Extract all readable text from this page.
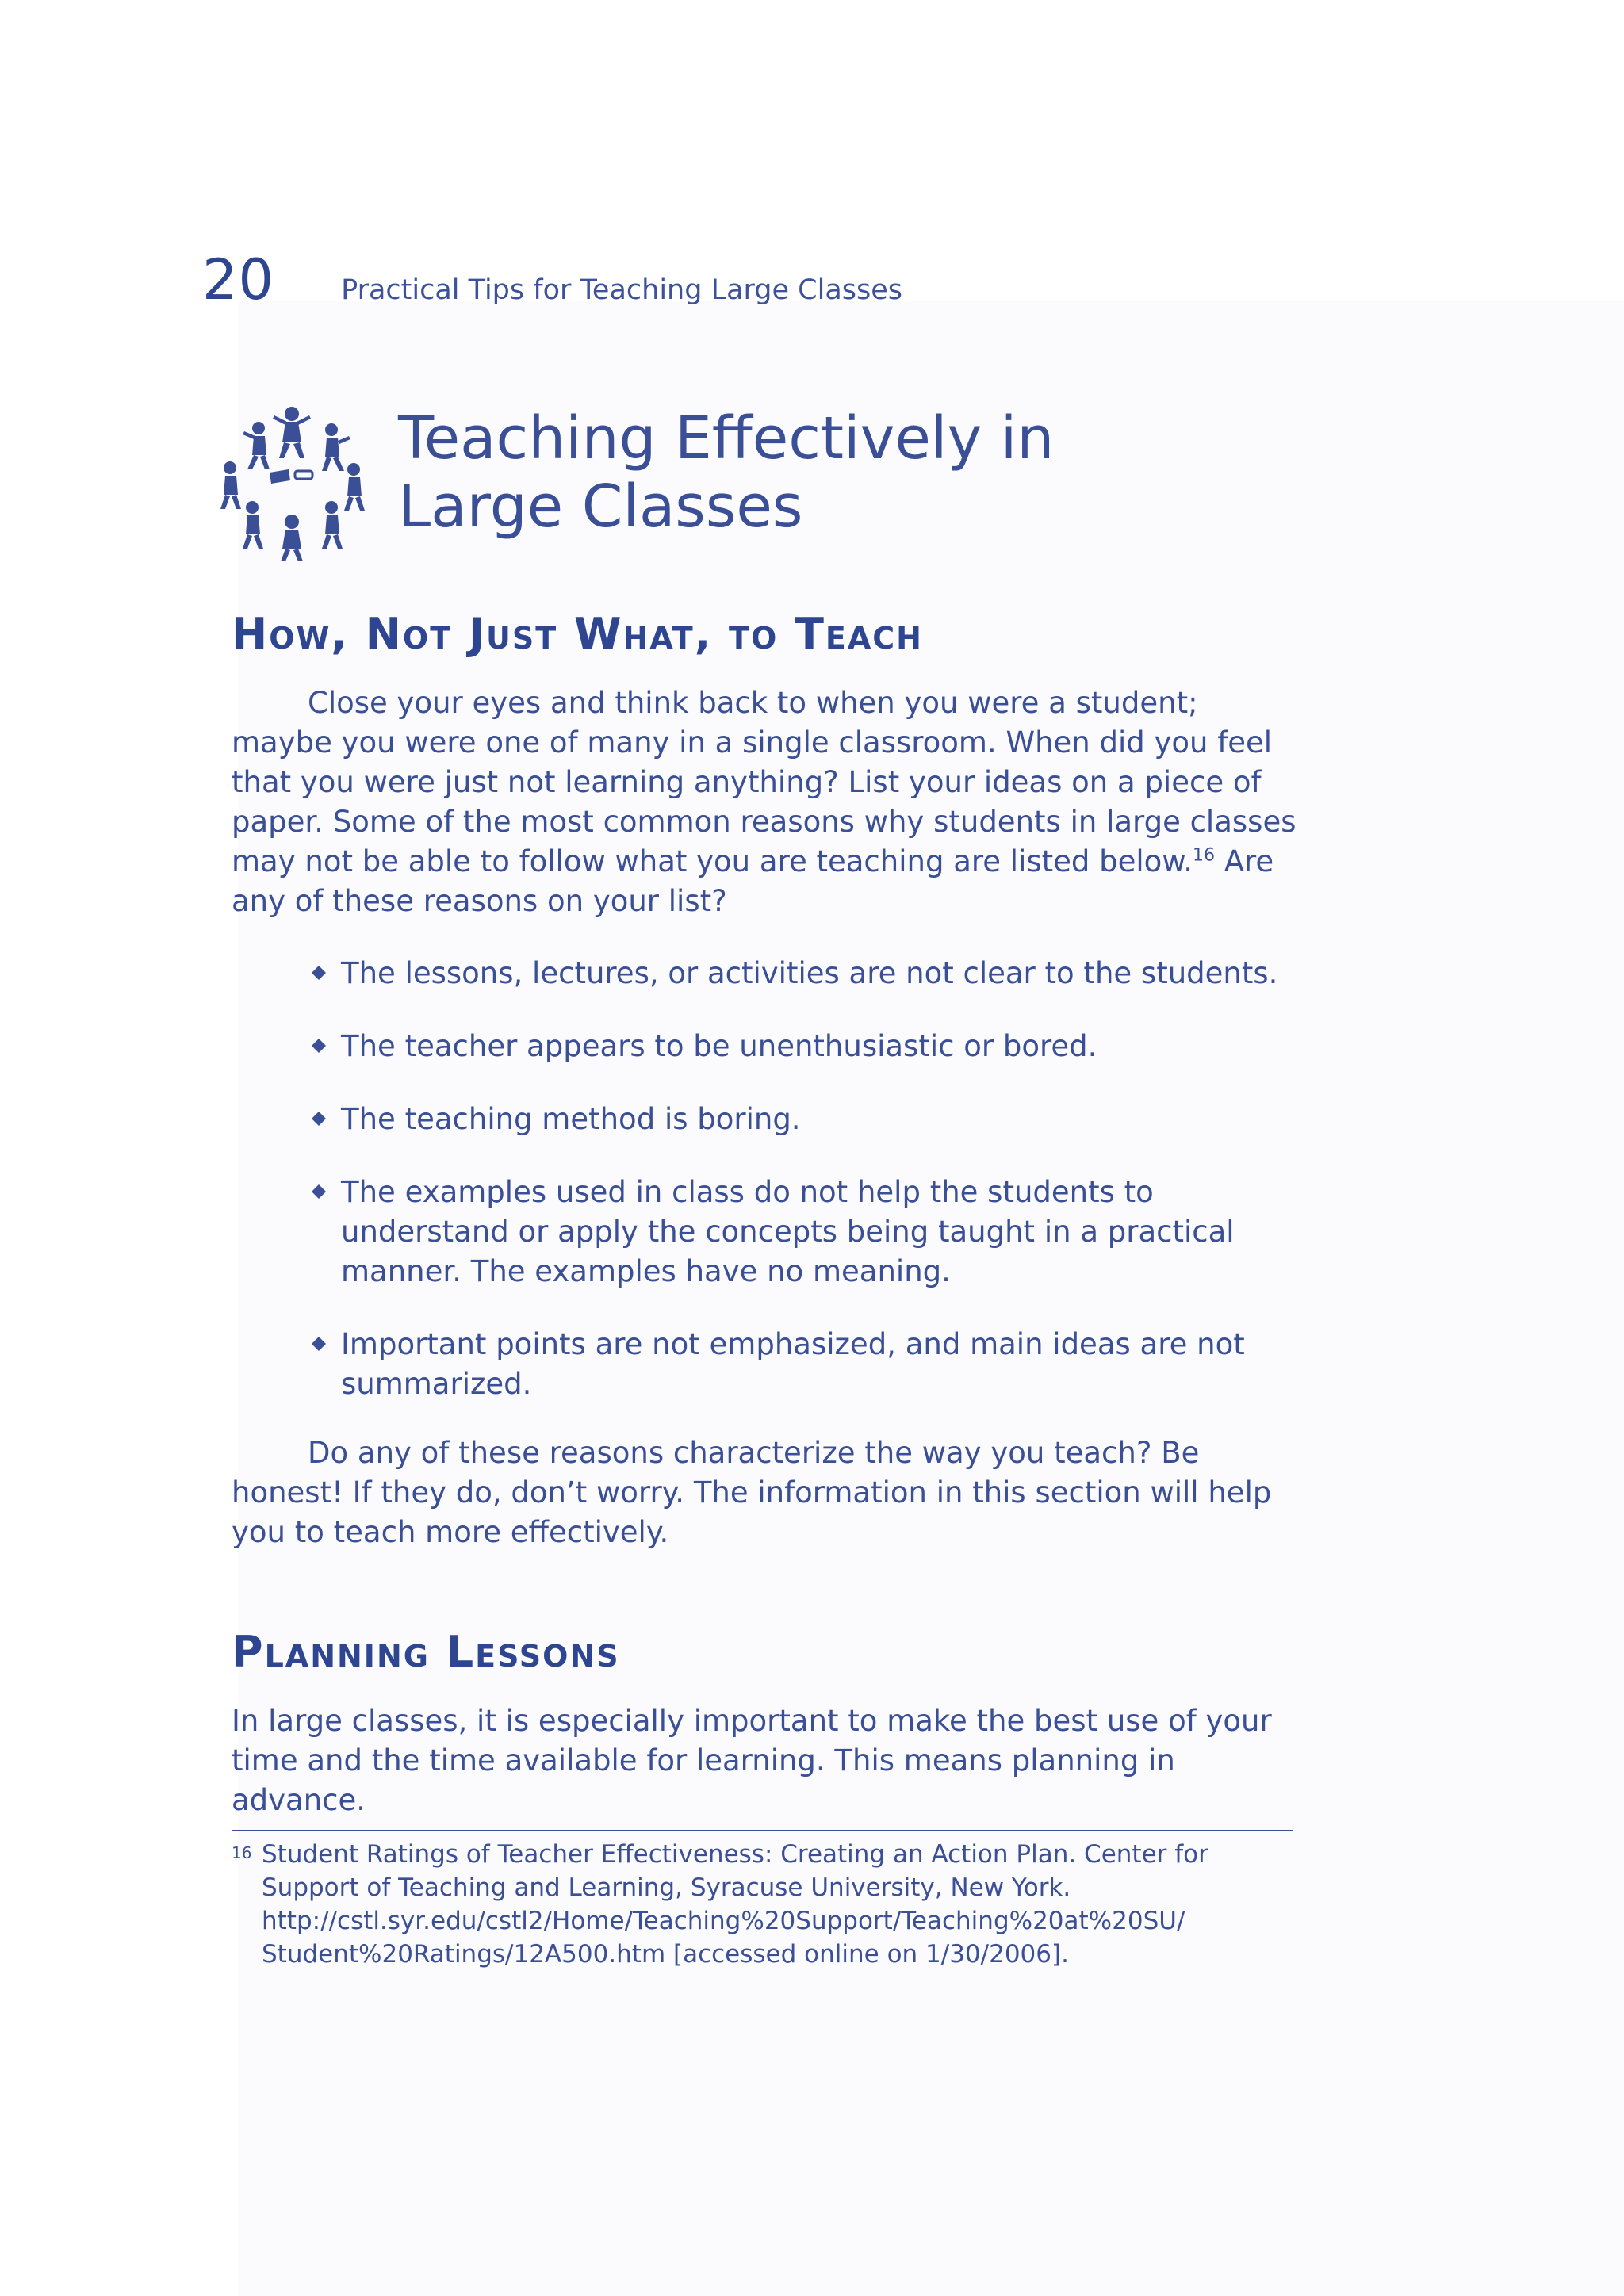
20 Practical Tips for Teaching Large Classes
Teaching Effectively in
Large Classes
How, Not Just What, to Teach

Close your eyes and think back to when you were a student; maybe you were one of many in a single classroom. When did you feel that you were just not learning anything? List your ideas on a piece of paper. Some of the most common reasons why students in large classes may not be able to follow what you are teaching are listed below.$^{16}$ Are any of these reasons on your list?

The lessons, lectures, or activities are not clear to the students.
The teacher appears to be unenthusiastic or bored.
The teaching method is boring.
The examples used in class do not help the students to understand or apply the concepts being taught in a practical manner. The examples have no meaning.
Important points are not emphasized, and main ideas are not summarized.

Do any of these reasons characterize the way you teach? Be honest! If they do, don’t worry. The information in this section will help you to teach more effectively.

Planning Lessons

In large classes, it is especially important to make the best use of your time and the time available for learning. This means planning in advance.

16 Student Ratings of Teacher Effectiveness: Creating an Action Plan. Center for
Support of Teaching and Learning, Syracuse University, New York.
http://cstl.syr.edu/cstl2/Home/Teaching%20Support/Teaching%20at%20SU/
Student%20Ratings/12A500.htm [accessed online on 1/30/2006].
